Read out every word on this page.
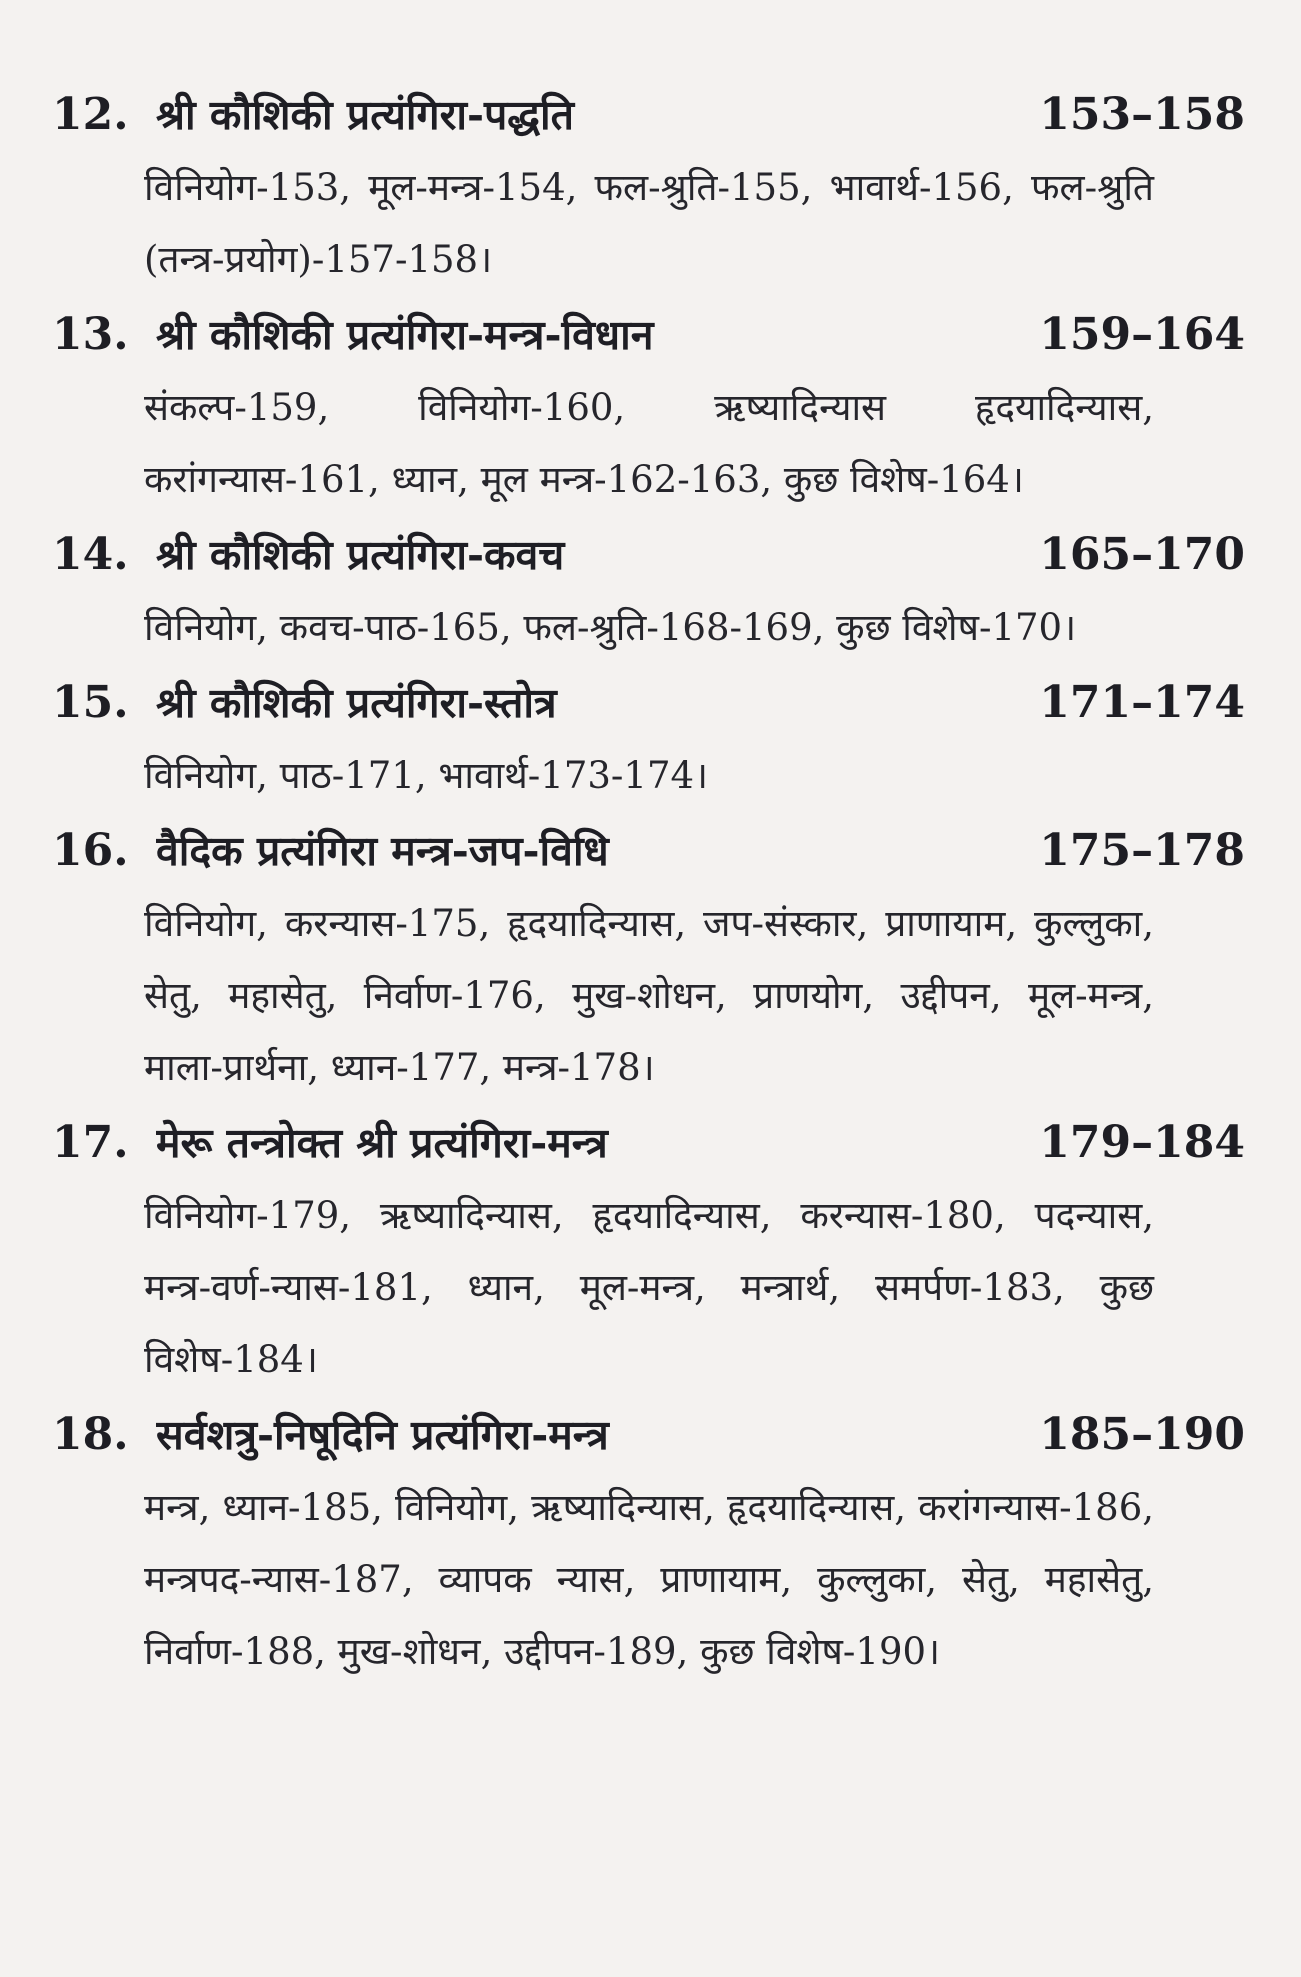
12. श्री कौशिकी प्रत्यंगिरा-पद्धति	153–158
विनियोग-153, मूल-मन्त्र-154, फल-श्रुति-155, भावार्थ-156, फल-श्रुति (तन्त्र-प्रयोग)-157-158।
13. श्री कौशिकी प्रत्यंगिरा-मन्त्र-विधान	159–164
संकल्प-159, विनियोग-160, ऋष्यादिन्यास हृदयादिन्यास, करांगन्यास-161, ध्यान, मूल मन्त्र-162-163, कुछ विशेष-164।
14. श्री कौशिकी प्रत्यंगिरा-कवच	165–170
विनियोग, कवच-पाठ-165, फल-श्रुति-168-169, कुछ विशेष-170।
15. श्री कौशिकी प्रत्यंगिरा-स्तोत्र	171–174
विनियोग, पाठ-171, भावार्थ-173-174।
16. वैदिक प्रत्यंगिरा मन्त्र-जप-विधि	175–178
विनियोग, करन्यास-175, हृदयादिन्यास, जप-संस्कार, प्राणायाम, कुल्लुका, सेतु, महासेतु, निर्वाण-176, मुख-शोधन, प्राणयोग, उद्दीपन, मूल-मन्त्र, माला-प्रार्थना, ध्यान-177, मन्त्र-178।
17. मेरू तन्त्रोक्त श्री प्रत्यंगिरा-मन्त्र	179–184
विनियोग-179, ऋष्यादिन्यास, हृदयादिन्यास, करन्यास-180, पदन्यास, मन्त्र-वर्ण-न्यास-181, ध्यान, मूल-मन्त्र, मन्त्रार्थ, समर्पण-183, कुछ विशेष-184।
18. सर्वशत्रु-निषूदिनि प्रत्यंगिरा-मन्त्र	185–190
मन्त्र, ध्यान-185, विनियोग, ऋष्यादिन्यास, हृदयादिन्यास, करांगन्यास-186, मन्त्रपद-न्यास-187, व्यापक न्यास, प्राणायाम, कुल्लुका, सेतु, महासेतु, निर्वाण-188, मुख-शोधन, उद्दीपन-189, कुछ विशेष-190।
